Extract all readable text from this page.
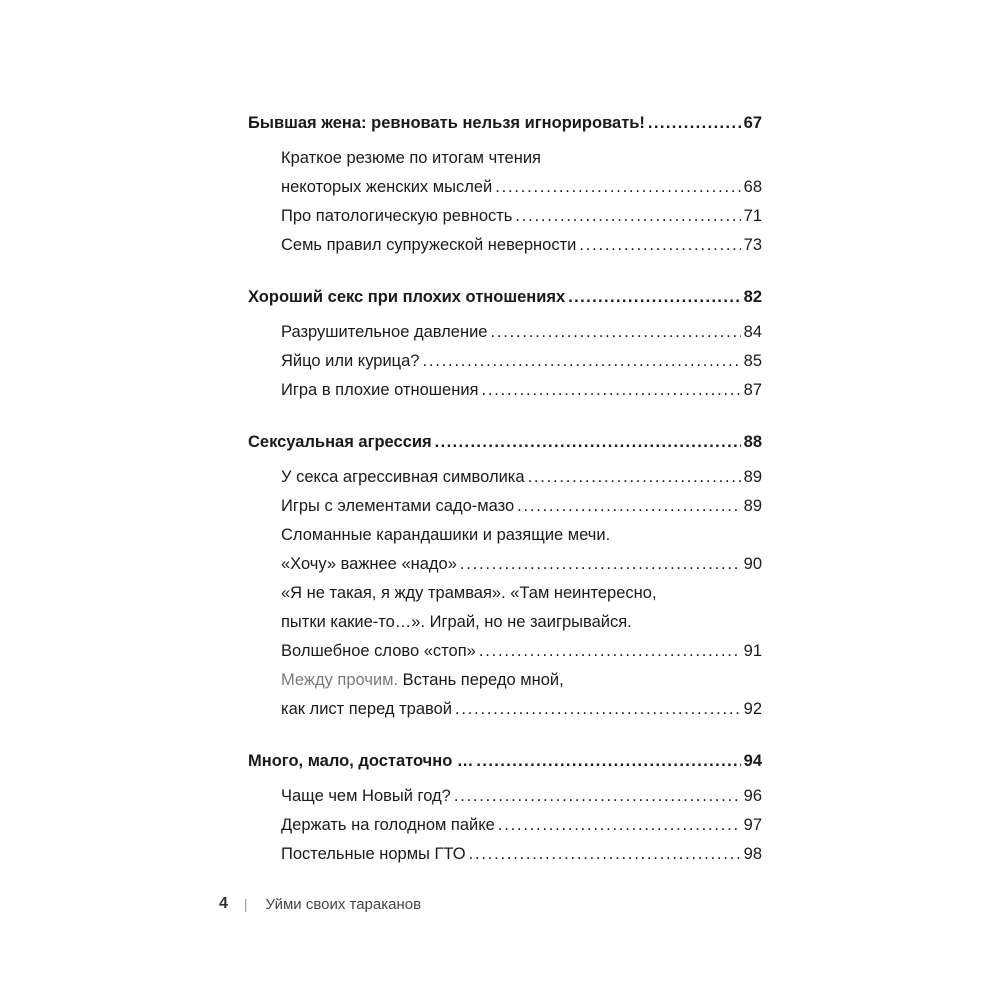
Бывшая жена: ревновать нельзя игнорировать! . . .	67
Краткое резюме по итогам чтения
некоторых женских мыслей . . .	68
Про патологическую ревность . . .	71
Семь правил супружеской неверности . . .	73
Хороший секс при плохих отношениях . . .	82
Разрушительное давление . . .	84
Яйцо или курица? . . .	85
Игра в плохие отношения . . .	87
Сексуальная агрессия . . .	88
У секса агрессивная символика . . .	89
Игры с элементами садо-мазо . . .	89
Сломанные карандашики и разящие мечи.
«Хочу» важнее «надо» . . .	90
«Я не такая, я жду трамвая». «Там неинтересно,
пытки какие-то…». Играй, но не заигрывайся.
Волшебное слово «стоп» . . .	91
Между прочим. Встань передо мной,
как лист перед травой . . .	92
Много, мало, достаточно … . . .	94
Чаще чем Новый год? . . .	96
Держать на голодном пайке . . .	97
Постельные нормы ГТО . . .	98
4 | Уйми своих тараканов
